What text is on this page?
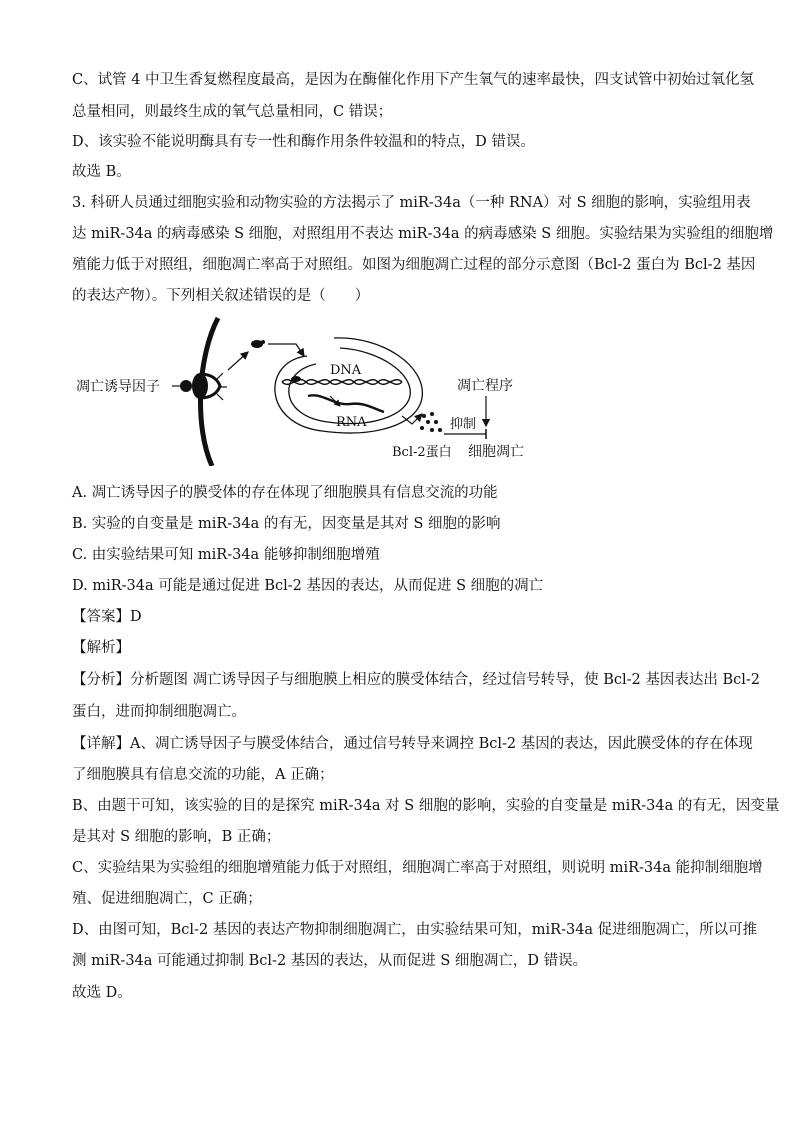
C、试管 4 中卫生香复燃程度最高，是因为在酶催化作用下产生氧气的速率最快，四支试管中初始过氧化氢
总量相同，则最终生成的氧气总量相同，C 错误；
D、该实验不能说明酶具有专一性和酶作用条件较温和的特点，D 错误。
故选 B。
3. 科研人员通过细胞实验和动物实验的方法揭示了 miR-34a（一种 RNA）对 S 细胞的影响，实验组用表
达 miR-34a 的病毒感染 S 细胞，对照组用不表达 miR-34a 的病毒感染 S 细胞。实验结果为实验组的细胞增
殖能力低于对照组，细胞凋亡率高于对照组。如图为细胞凋亡过程的部分示意图（Bcl-2 蛋白为 Bcl-2 基因
的表达产物）。下列相关叙述错误的是（　　）
DNA
RNA	抑制
凋亡程序
凋亡诱导因子
Bcl-2蛋白 细胞凋亡
A. 凋亡诱导因子的膜受体的存在体现了细胞膜具有信息交流的功能
B. 实验的自变量是 miR-34a 的有无，因变量是其对 S 细胞的影响
C. 由实验结果可知 miR-34a 能够抑制细胞增殖
D. miR-34a 可能是通过促进 Bcl-2 基因的表达，从而促进 S 细胞的凋亡
【答案】D
【解析】
【分析】分析题图 凋亡诱导因子与细胞膜上相应的膜受体结合，经过信号转导，使 Bcl-2 基因表达出 Bcl-2
蛋白，进而抑制细胞凋亡。
【详解】A、凋亡诱导因子与膜受体结合，通过信号转导来调控 Bcl-2 基因的表达，因此膜受体的存在体现
了细胞膜具有信息交流的功能，A 正确；
B、由题干可知，该实验的目的是探究 miR-34a 对 S 细胞的影响，实验的自变量是 miR-34a 的有无，因变量
是其对 S 细胞的影响，B 正确；
C、实验结果为实验组的细胞增殖能力低于对照组，细胞凋亡率高于对照组，则说明 miR-34a 能抑制细胞增
殖、促进细胞凋亡，C 正确；
D、由图可知，Bcl-2 基因的表达产物抑制细胞凋亡，由实验结果可知，miR-34a 促进细胞凋亡，所以可推
测 miR-34a 可能通过抑制 Bcl-2 基因的表达，从而促进 S 细胞凋亡，D 错误。
故选 D。
